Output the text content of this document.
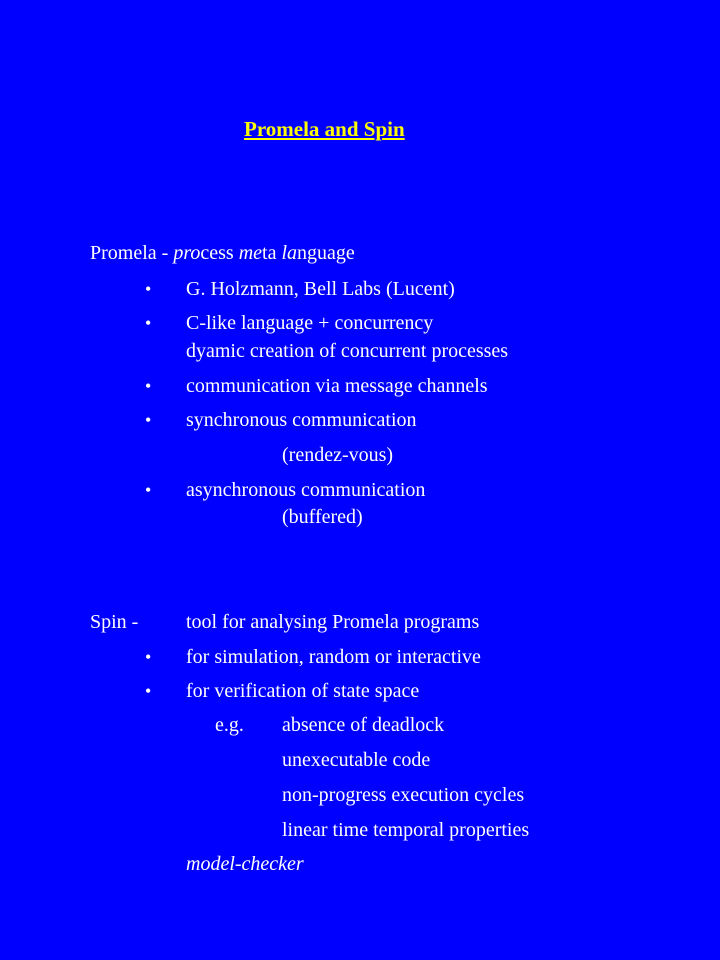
Promela and Spin
Promela - process meta language
• G. Holzmann, Bell Labs (Lucent)
• C-like language + concurrency
dyamic creation of concurrent processes
• communication via message channels
• synchronous communication
(rendez-vous)
• asynchronous communication
(buffered)
Spin - tool for analysing Promela programs
• for simulation, random or interactive
• for verification of state space
e.g. absence of deadlock
unexecutable code
non-progress execution cycles
linear time temporal properties
model-checker
